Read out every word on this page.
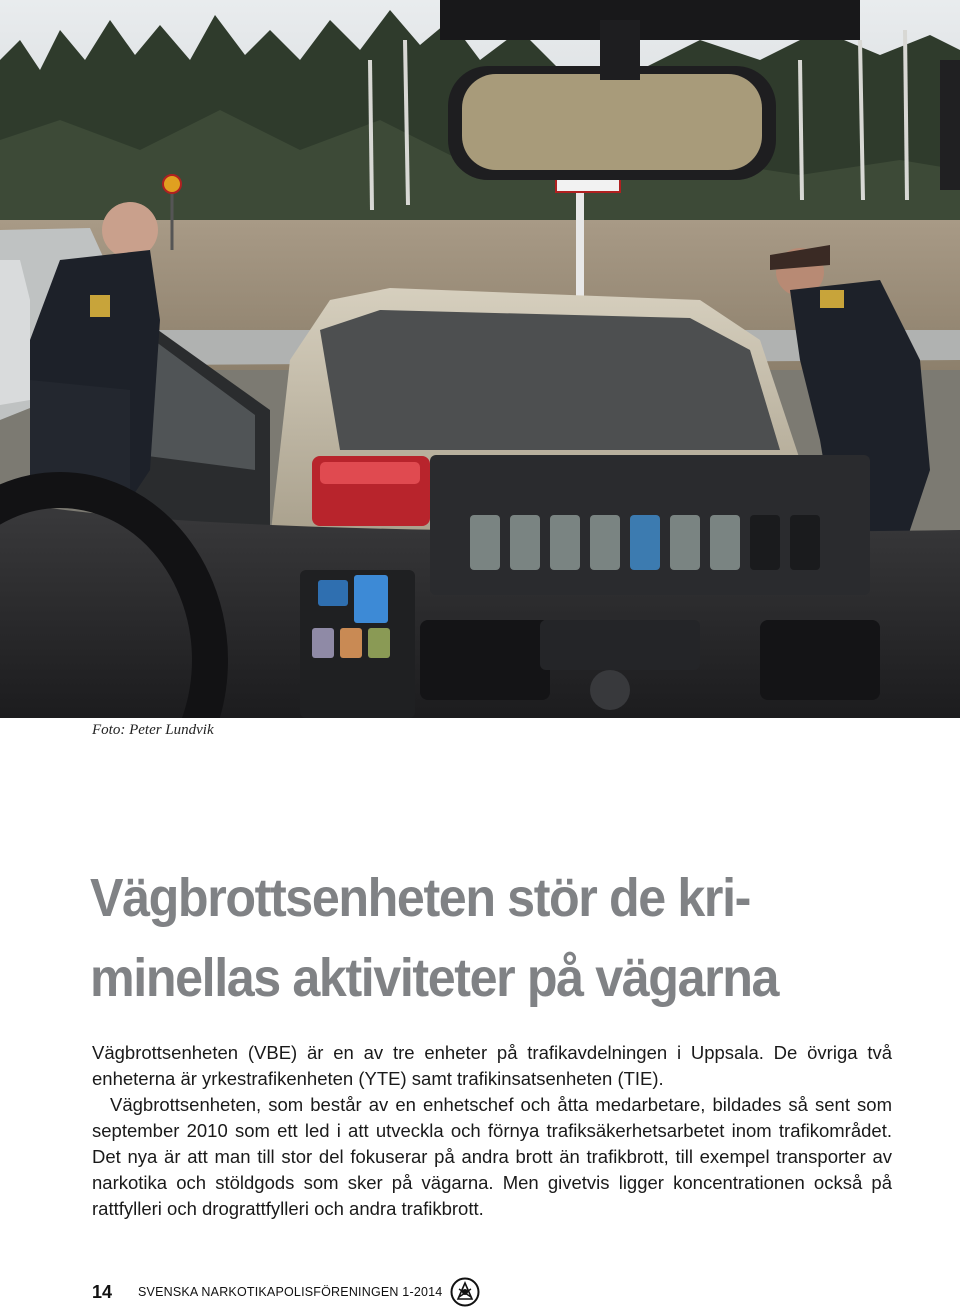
Foto: Peter Lundvik
Vägbrottsenheten stör de kri-
minellas aktiviteter på vägarna

Vägbrottsenheten (VBE) är en av tre enheter på trafikavdelningen i Uppsala. De övriga två enheterna är yrkestrafikenheten (YTE) samt trafikinsatsenheten (TIE).

Vägbrottsenheten, som består av en enhetschef och åtta medarbetare, bildades så sent som september 2010 som ett led i att utveckla och förnya trafiksäkerhetsarbetet inom trafikområdet. Det nya är att man till stor del fokuserar på andra brott än trafikbrott, till exempel transporter av narkotika och stöldgods som sker på vägarna. Men givetvis ligger koncentrationen också på rattfylleri och drograttfylleri och andra trafikbrott.

14	SVENSKA NARKOTIKAPOLISFÖRENINGEN 1-2014
